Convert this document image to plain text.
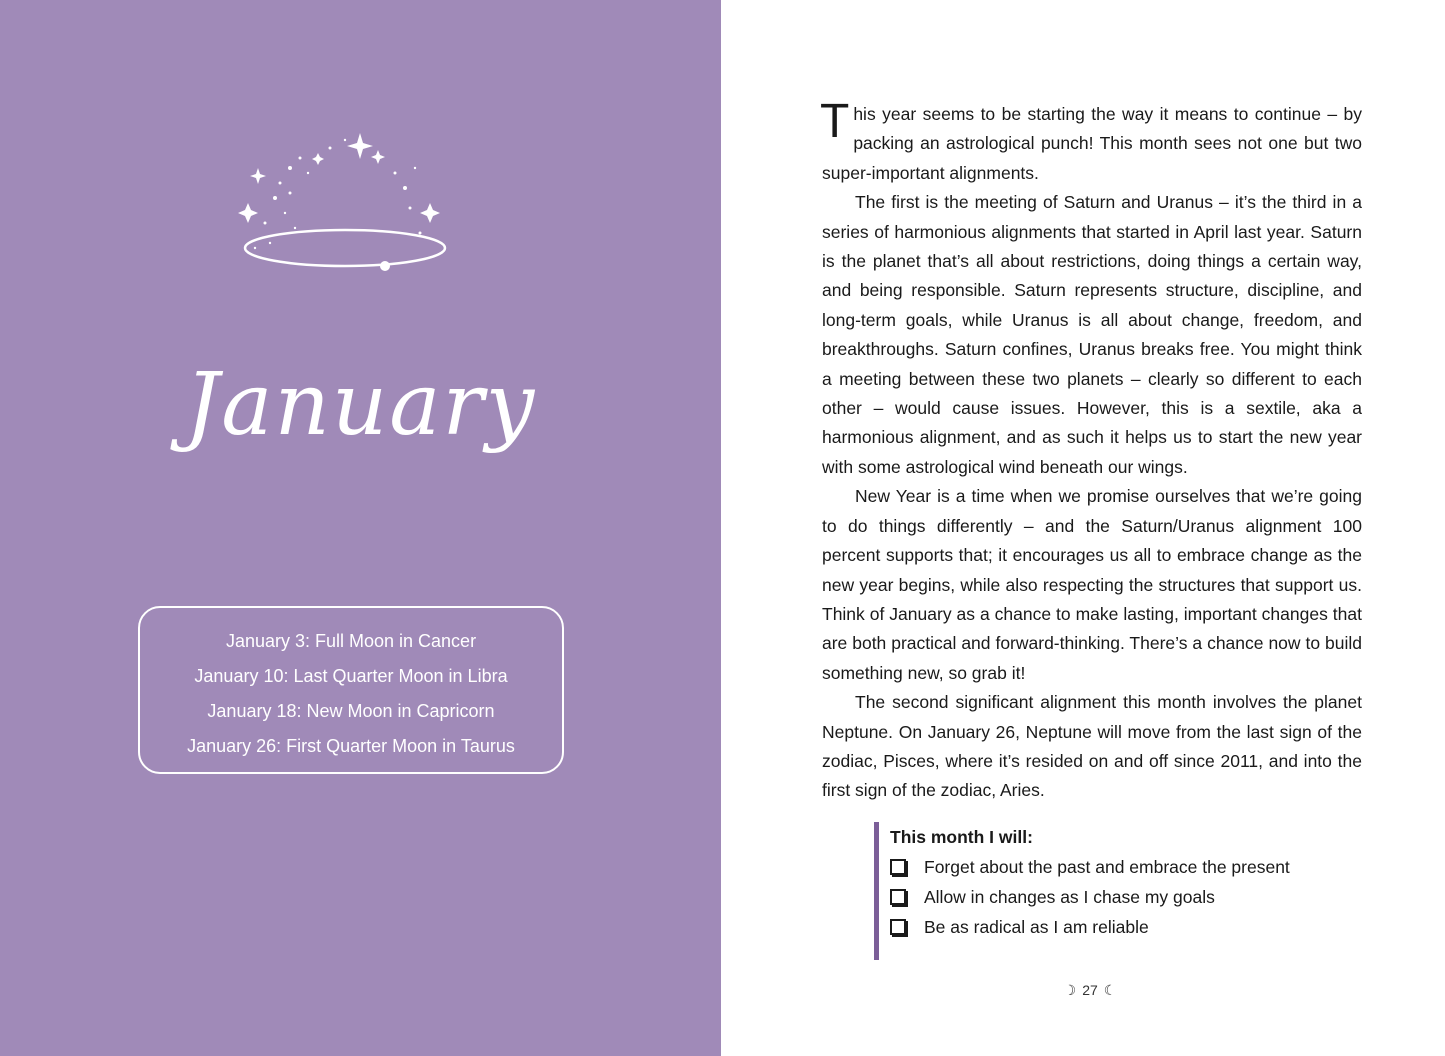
January
January 3: Full Moon in Cancer
January 10: Last Quarter Moon in Libra
January 18: New Moon in Capricorn
January 26: First Quarter Moon in Taurus

This year seems to be starting the way it means to continue – by packing an astrological punch! This month sees not one but two super-important alignments.

The first is the meeting of Saturn and Uranus – it’s the third in a series of harmonious alignments that started in April last year. Saturn is the planet that’s all about restrictions, doing things a certain way, and being responsible. Saturn represents structure, discipline, and long-term goals, while Uranus is all about change, freedom, and breakthroughs. Saturn confines, Uranus breaks free. You might think a meeting between these two planets – clearly so different to each other – would cause issues. However, this is a sextile, aka a harmonious alignment, and as such it helps us to start the new year with some astrological wind beneath our wings.

New Year is a time when we promise ourselves that we’re going to do things differently – and the Saturn/Uranus alignment 100 percent supports that; it encourages us all to embrace change as the new year begins, while also respecting the structures that support us. Think of January as a chance to make lasting, important changes that are both practical and forward-thinking. There’s a chance now to build something new, so grab it!

The second significant alignment this month involves the planet Neptune. On January 26, Neptune will move from the last sign of the zodiac, Pisces, where it’s resided on and off since 2011, and into the first sign of the zodiac, Aries.

This month I will:
Forget about the past and embrace the present
Allow in changes as I chase my goals
Be as radical as I am reliable
☽ 27 ☾
